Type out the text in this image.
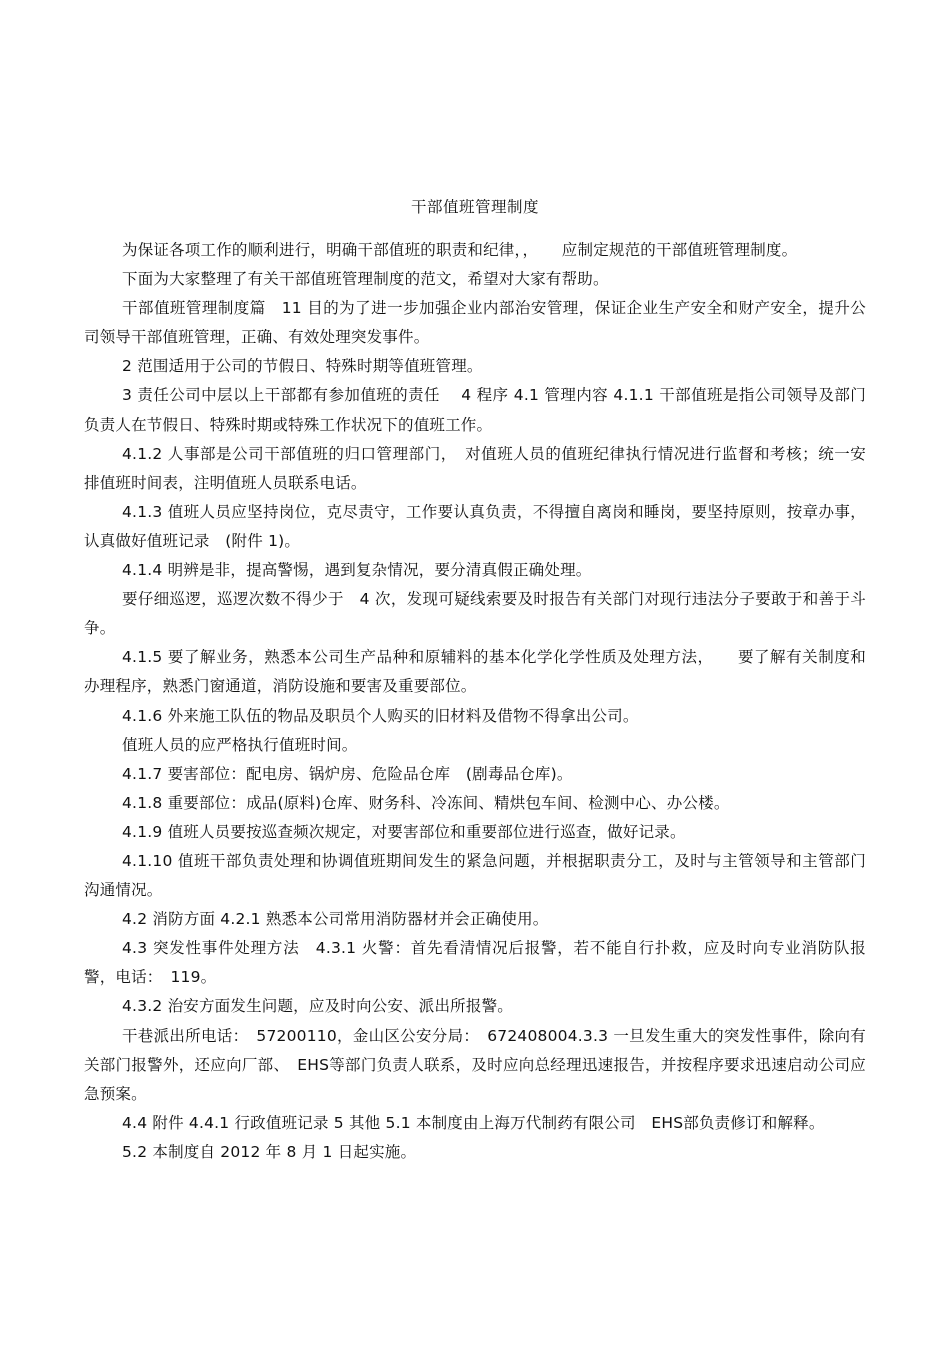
干部值班管理制度

为保证各项工作的顺利进行，明确干部值班的职责和纪律，，　　应制定规范的干部值班管理制度。

下面为大家整理了有关干部值班管理制度的范文，希望对大家有帮助。

干部值班管理制度篇　11 目的为了进一步加强企业内部治安管理，保证企业生产安全和财产安全，提升公司领导干部值班管理，正确、有效处理突发事件。

2 范围适用于公司的节假日、特殊时期等值班管理。

3 责任公司中层以上干部都有参加值班的责任　 4 程序 4.1 管理内容 4.1.1 干部值班是指公司领导及部门负责人在节假日、特殊时期或特殊工作状况下的值班工作。

4.1.2 人事部是公司干部值班的归口管理部门，　对值班人员的值班纪律执行情况进行监督和考核；统一安排值班时间表，注明值班人员联系电话。

4.1.3 值班人员应坚持岗位，克尽责守，工作要认真负责，不得擅自离岗和睡岗，要坚持原则，按章办事，认真做好值班记录　(附件 1)。

4.1.4 明辨是非，提高警惕，遇到复杂情况，要分清真假正确处理。

要仔细巡逻，巡逻次数不得少于　4 次，发现可疑线索要及时报告有关部门对现行违法分子要敢于和善于斗争。

4.1.5 要了解业务，熟悉本公司生产品种和原辅料的基本化学化学性质及处理方法，　　要了解有关制度和办理程序，熟悉门窗通道，消防设施和要害及重要部位。

4.1.6 外来施工队伍的物品及职员个人购买的旧材料及借物不得拿出公司。

值班人员的应严格执行值班时间。

4.1.7 要害部位：配电房、锅炉房、危险品仓库　(剧毒品仓库)。

4.1.8 重要部位：成品(原料)仓库、财务科、冷冻间、精烘包车间、检测中心、办公楼。

4.1.9 值班人员要按巡查频次规定，对要害部位和重要部位进行巡查，做好记录。

4.1.10 值班干部负责处理和协调值班期间发生的紧急问题，并根据职责分工，及时与主管领导和主管部门沟通情况。

4.2 消防方面 4.2.1 熟悉本公司常用消防器材并会正确使用。

4.3 突发性事件处理方法　4.3.1 火警：首先看清情况后报警，若不能自行扑救，应及时向专业消防队报警，电话：　119。

4.3.2 治安方面发生问题，应及时向公安、派出所报警。

干巷派出所电话：　57200110，金山区公安分局：　672408004.3.3 一旦发生重大的突发性事件，除向有关部门报警外，还应向厂部、　EHS等部门负责人联系，及时应向总经理迅速报告，并按程序要求迅速启动公司应急预案。

4.4 附件 4.4.1 行政值班记录 5 其他 5.1 本制度由上海万代制药有限公司　EHS部负责修订和解释。

5.2 本制度自 2012 年 8 月 1 日起实施。
